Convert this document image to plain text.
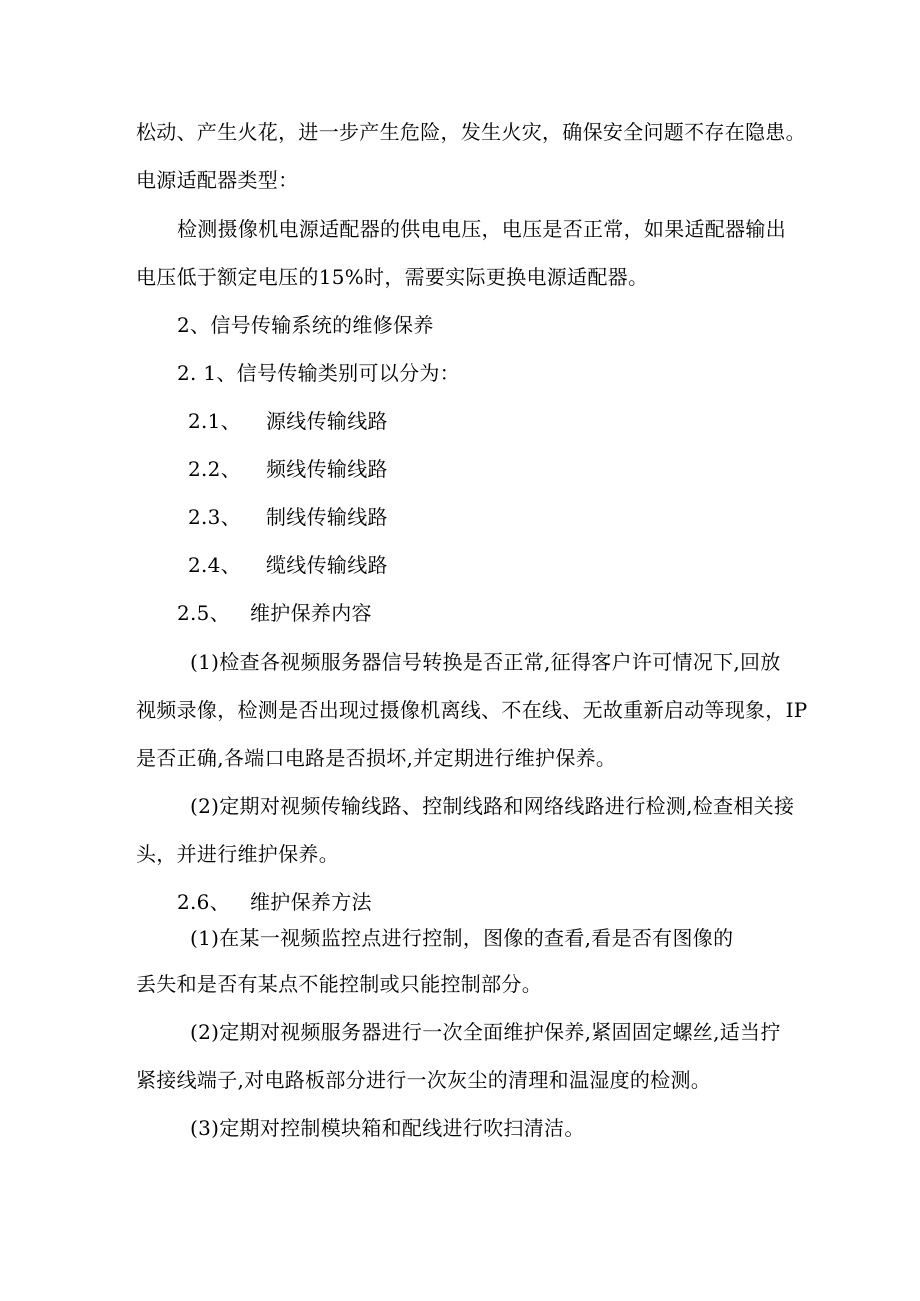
松动、产生火花，进一步产生危险，发生火灾，确保安全问题不存在隐患。
电源适配器类型：
检测摄像机电源适配器的供电电压，电压是否正常，如果适配器输出
电压低于额定电压的15%时，需要实际更换电源适配器。
2、信号传输系统的维修保养
2. 1、信号传输类别可以分为：
2.1、 源线传输线路
2.2、 频线传输线路
2.3、 制线传输线路
2.4、 缆线传输线路
2.5、 维护保养内容
(1)检查各视频服务器信号转换是否正常,征得客户许可情况下,回放
视频录像，检测是否出现过摄像机离线、不在线、无故重新启动等现象，IP
是否正确,各端口电路是否损坏,并定期进行维护保养。
(2)定期对视频传输线路、控制线路和网络线路进行检测,检查相关接
头，并进行维护保养。
2.6、 维护保养方法
(1)在某一视频监控点进行控制，图像的查看,看是否有图像的
丢失和是否有某点不能控制或只能控制部分。
(2)定期对视频服务器进行一次全面维护保养,紧固固定螺丝,适当拧
紧接线端子,对电路板部分进行一次灰尘的清理和温湿度的检测。
(3)定期对控制模块箱和配线进行吹扫清洁。
